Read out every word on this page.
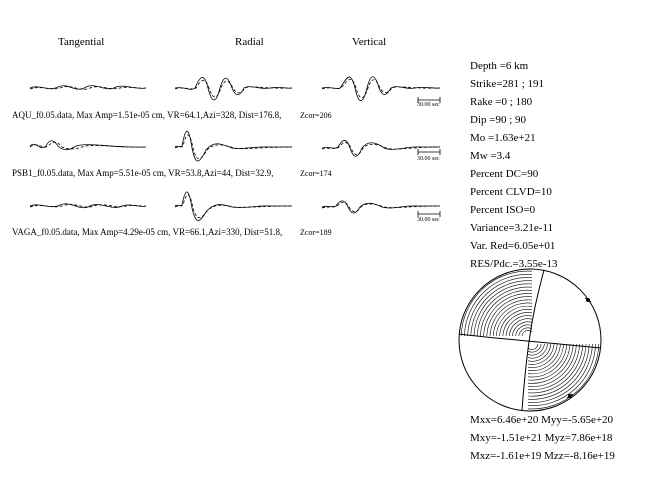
Tangential	Radial	Vertical
AQU_f0.05.data, Max Amp=1.51e-05 cm, VR=64.1,Azi=328, Dist=176.8, Zcor=206
30.00 sec
PSB1_f0.05.data, Max Amp=5.51e-05 cm, VR=53.8,Azi=44, Dist=32.9,	Zcor=174
30.00 sec
VAGA_f0.05.data, Max Amp=4.29e-05 cm, VR=66.1,Azi=330, Dist=51.8, Zcor=189
30.00 sec
Depth =6 km
Strike=281 ; 191
Rake =0 ; 180
Dip =90 ; 90
Mo =1.63e+21
Mw =3.4
Percent DC=90
Percent CLVD=10
Percent ISO=0
Variance=3.21e-11
Var. Red=6.05e+01
RES/Pdc.=3.55e-13
Mxx=6.46e+20 Myy=-5.65e+20
Mxy=-1.51e+21 Myz=7.86e+18
Mxz=-1.61e+19 Mzz=-8.16e+19
